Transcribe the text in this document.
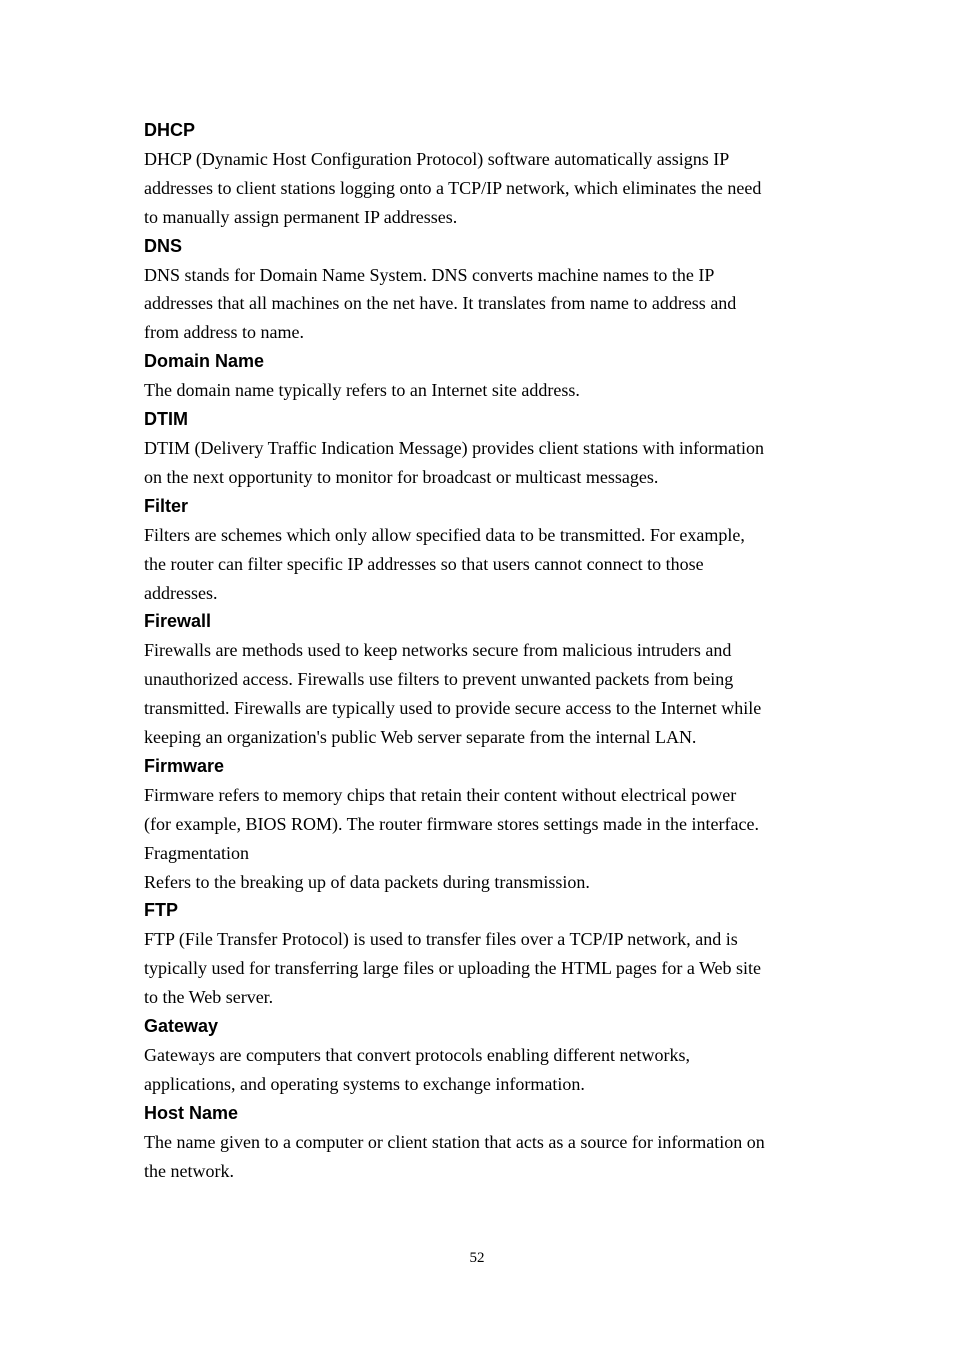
DHCP

DHCP (Dynamic Host Configuration Protocol) software automatically assigns IP
addresses to client stations logging onto a TCP/IP network, which eliminates the need
to manually assign permanent IP addresses.

DNS

DNS stands for Domain Name System. DNS converts machine names to the IP
addresses that all machines on the net have. It translates from name to address and
from address to name.

Domain Name

The domain name typically refers to an Internet site address.

DTIM

DTIM (Delivery Traffic Indication Message) provides client stations with information
on the next opportunity to monitor for broadcast or multicast messages.

Filter

Filters are schemes which only allow specified data to be transmitted. For example,
the router can filter specific IP addresses so that users cannot connect to those
addresses.

Firewall

Firewalls are methods used to keep networks secure from malicious intruders and
unauthorized access. Firewalls use filters to prevent unwanted packets from being
transmitted. Firewalls are typically used to provide secure access to the Internet while
keeping an organization's public Web server separate from the internal LAN.

Firmware

Firmware refers to memory chips that retain their content without electrical power
(for example, BIOS ROM). The router firmware stores settings made in the interface.
Fragmentation
Refers to the breaking up of data packets during transmission.

FTP

FTP (File Transfer Protocol) is used to transfer files over a TCP/IP network, and is
typically used for transferring large files or uploading the HTML pages for a Web site
to the Web server.

Gateway

Gateways are computers that convert protocols enabling different networks,
applications, and operating systems to exchange information.

Host Name

The name given to a computer or client station that acts as a source for information on
the network.

52
